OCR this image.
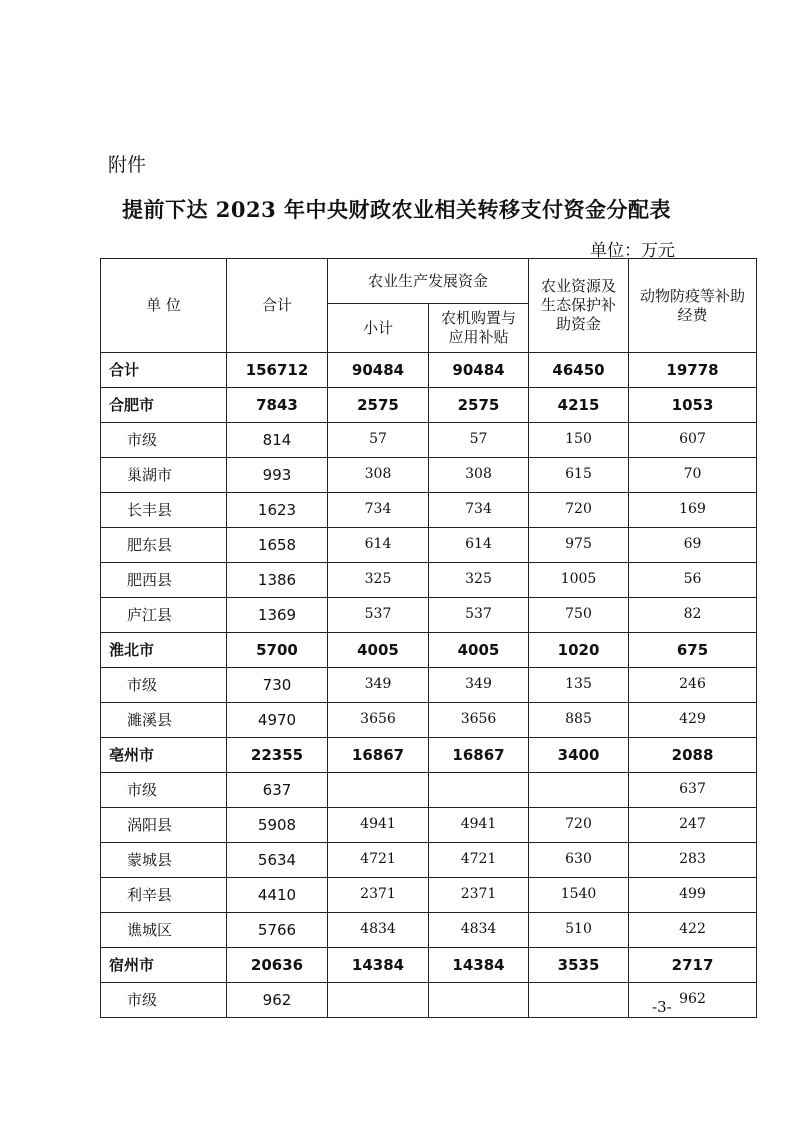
附件
提前下达 2023 年中央财政农业相关转移支付资金分配表
单位：万元
单 位	合计	农业生产发展资金		农业资源及生态保护补助资金	动物防疫等补助经费
		小计	农机购置与应用补贴		
合计	156712	90484	90484	46450	19778
合肥市	7843	2575	2575	4215	1053
市级	814	57	57	150	607
巢湖市	993	308	308	615	70
长丰县	1623	734	734	720	169
肥东县	1658	614	614	975	69
肥西县	1386	325	325	1005	56
庐江县	1369	537	537	750	82
淮北市	5700	4005	4005	1020	675
市级	730	349	349	135	246
濉溪县	4970	3656	3656	885	429
亳州市	22355	16867	16867	3400	2088
市级	637				637
涡阳县	5908	4941	4941	720	247
蒙城县	5634	4721	4721	630	283
利辛县	4410	2371	2371	1540	499
谯城区	5766	4834	4834	510	422
宿州市	20636	14384	14384	3535	2717
市级	962				962
-3-
